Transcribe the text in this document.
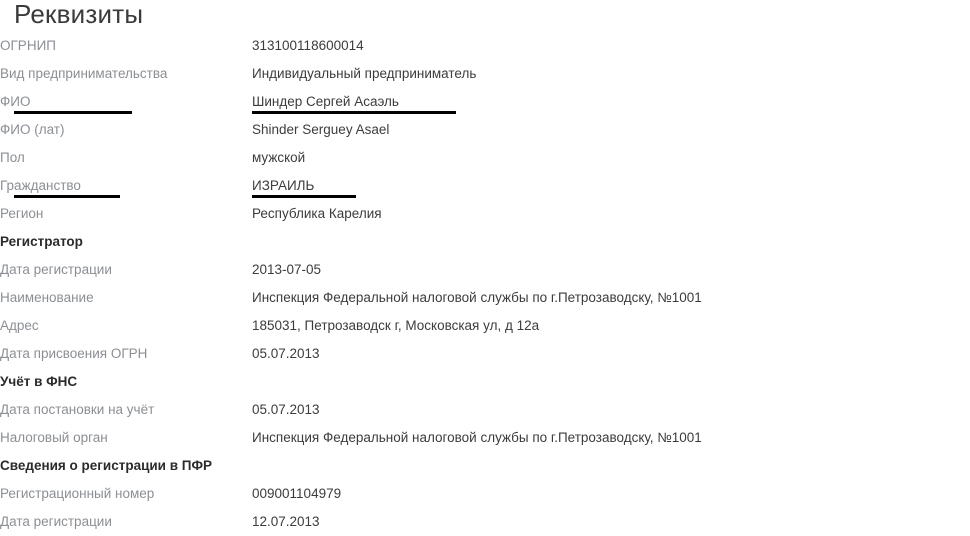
Реквизиты
ОГРНИП	313100118600014
Вид предпринимательства	Индивидуальный предприниматель
ФИО	Шиндер Сергей Асаэль

ФИО (лат)	Shinder Serguey Asael
Пол	мужской
Гражданство	ИЗРАИЛЬ

Регион	Республика Карелия
Регистратор	
Дата регистрации	2013-07-05
Наименование	Инспекция Федеральной налоговой службы по г.Петрозаводску, №1001
Адрес	185031, Петрозаводск г, Московская ул, д 12а
Дата присвоения ОГРН	05.07.2013
Учёт в ФНС	
Дата постановки на учёт	05.07.2013
Налоговый орган	Инспекция Федеральной налоговой службы по г.Петрозаводску, №1001
Сведения о регистрации в ПФР	
Регистрационный номер	009001104979
Дата регистрации	12.07.2013
